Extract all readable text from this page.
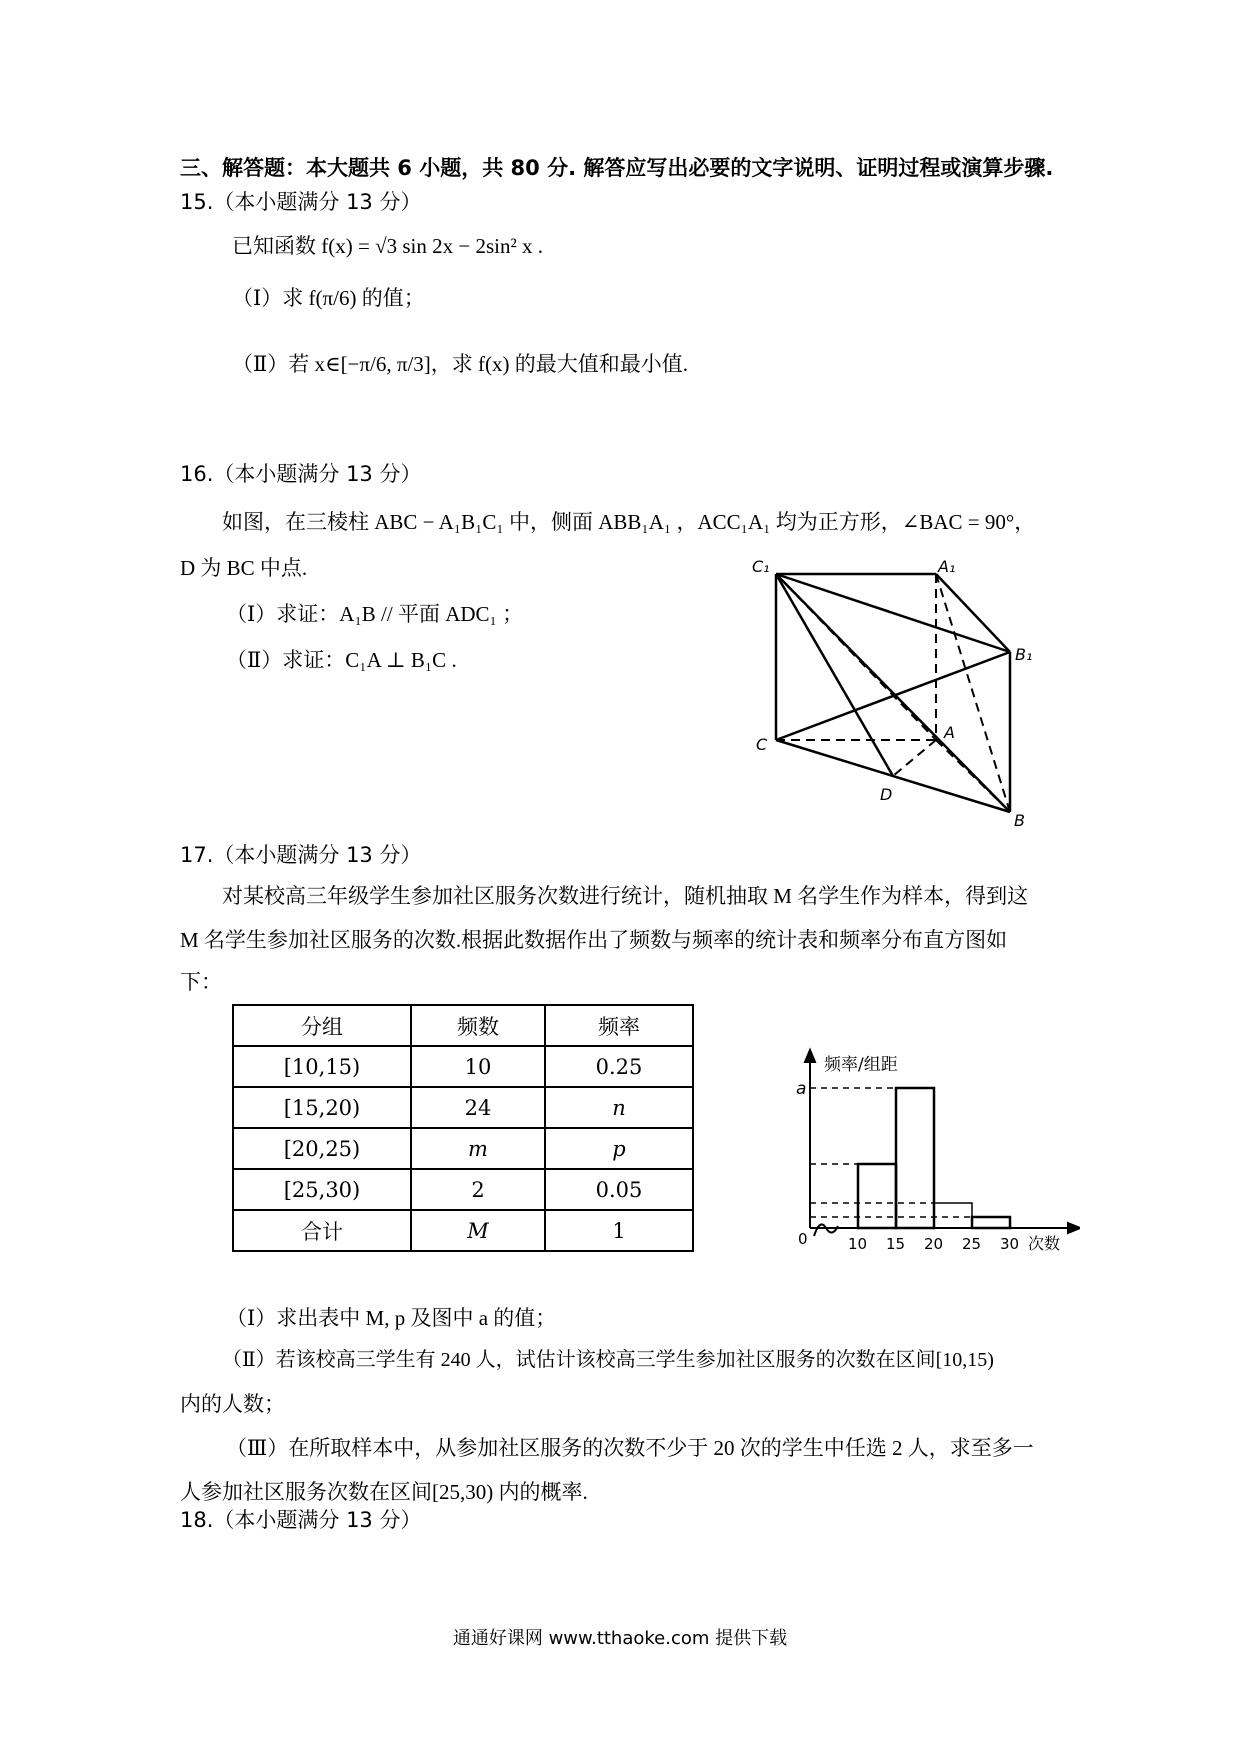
三、解答题：本大题共 6 小题，共 80 分. 解答应写出必要的文字说明、证明过程或演算步骤.
15.（本小题满分 13 分）
已知函数 f(x) = √3 sin 2x − 2sin² x .
（Ⅰ）求 f(π/6) 的值；
（Ⅱ）若 x∈[−π/6, π/3]，求 f(x) 的最大值和最小值.
16.（本小题满分 13 分）
如图，在三棱柱 ABC − A₁B₁C₁ 中，侧面 ABB₁A₁ ，ACC₁A₁ 均为正方形，∠BAC = 90°，
D 为 BC 中点.
（Ⅰ）求证：A₁B // 平面 ADC₁ ；
（Ⅱ）求证：C₁A ⊥ B₁C .
C₁	A₁
B₁
C
A
D
B
17.（本小题满分 13 分）
对某校高三年级学生参加社区服务次数进行统计，随机抽取 M 名学生作为样本，得到这
M 名学生参加社区服务的次数.根据此数据作出了频数与频率的统计表和频率分布直方图如
下：
分组	频数	频率
[10,15)	10	0.25
[15,20)	24	n
[20,25)	m	p
[25,30)	2	0.05
合计	M	1
频率/组距
a
0	10 15 20 25 30 次数
（Ⅰ）求出表中 M, p 及图中 a 的值；
（Ⅱ）若该校高三学生有 240 人，试估计该校高三学生参加社区服务的次数在区间[10,15)
内的人数；
（Ⅲ）在所取样本中，从参加社区服务的次数不少于 20 次的学生中任选 2 人，求至多一
人参加社区服务次数在区间[25,30) 内的概率.
18.（本小题满分 13 分）
通通好课网 www.tthaoke.com 提供下载
